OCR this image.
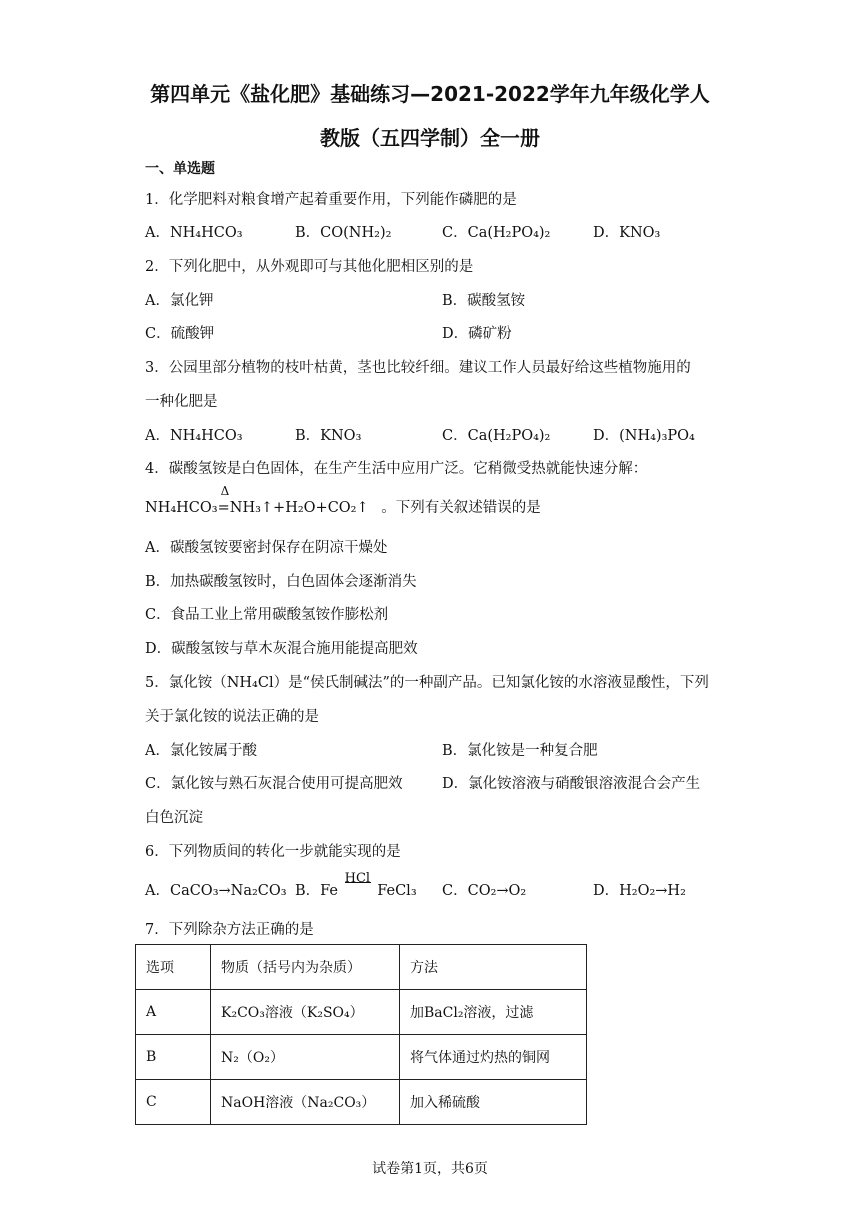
第四单元《盐化肥》基础练习—2021-2022学年九年级化学人
教版（五四学制）全一册
一、单选题
1．化学肥料对粮食增产起着重要作用，下列能作磷肥的是
A．NH₄HCO₃	B．CO(NH₂)₂	C．Ca(H₂PO₄)₂	D．KNO₃
2．下列化肥中，从外观即可与其他化肥相区别的是
A．氯化钾	B．碳酸氢铵
C．硫酸钾	D．磷矿粉
3．公园里部分植物的枝叶枯黄，茎也比较纤细。建议工作人员最好给这些植物施用的
一种化肥是
A．NH₄HCO₃	B．KNO₃	C．Ca(H₂PO₄)₂	D．(NH₄)₃PO₄
4．碳酸氢铵是白色固体，在生产生活中应用广泛。它稍微受热就能快速分解：
NH₄HCO₃
Δ
=NH₃↑+H₂O+CO₂↑ 。下列有关叙述错误的是
A．碳酸氢铵要密封保存在阴凉干燥处
B．加热碳酸氢铵时，白色固体会逐渐消失
C．食品工业上常用碳酸氢铵作膨松剂
D．碳酸氢铵与草木灰混合施用能提高肥效
5．氯化铵（NH₄Cl）是“侯氏制碱法”的一种副产品。已知氯化铵的水溶液显酸性，下列
关于氯化铵的说法正确的是
A．氯化铵属于酸	B．氯化铵是一种复合肥
C．氯化铵与熟石灰混合使用可提高肥效	D．氯化铵溶液与硝酸银溶液混合会产生
白色沉淀
6．下列物质间的转化一步就能实现的是
A．CaCO₃→Na₂CO₃ B．Fe
HCl
FeCl₃ C．CO₂→O₂	D．H₂O₂→H₂
7．下列除杂方法正确的是
选项	物质（括号内为杂质）	方法
A	K₂CO₃溶液（K₂SO₄）	加BaCl₂溶液，过滤
B	N₂（O₂）	将气体通过灼热的铜网
C	NaOH溶液（Na₂CO₃）	加入稀硫酸
试卷第1页，共6页
